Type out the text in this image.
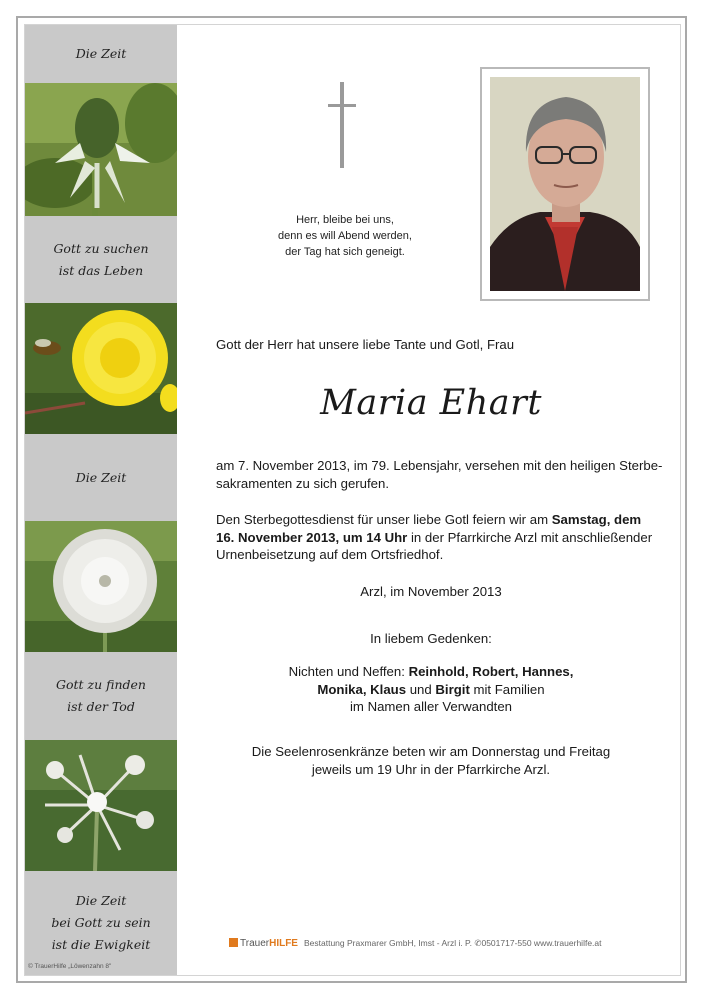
Die Zeit
Gott zu suchen
ist das Leben
Die Zeit
Gott zu finden
ist der Tod
Die Zeit
bei Gott zu sein
ist die Ewigkeit
Herr, bleibe bei uns,
denn es will Abend werden,
der Tag hat sich geneigt.
Gott der Herr hat unsere liebe Tante und Gotl, Frau
Maria Ehart
am 7. November 2013, im 79. Lebensjahr, versehen mit den heiligen Sterbe-
sakramenten zu sich gerufen.
Den Sterbegottesdienst für unser liebe Gotl feiern wir am Samstag, dem
16. November 2013, um 14 Uhr in der Pfarrkirche Arzl mit anschließender
Urnenbeisetzung auf dem Ortsfriedhof.
Arzl, im November 2013
In liebem Gedenken:
Nichten und Neffen: Reinhold, Robert, Hannes,
Monika, Klaus und Birgit mit Familien
im Namen aller Verwandten
Die Seelenrosenkränze beten wir am Donnerstag und Freitag
jeweils um 19 Uhr in der Pfarrkirche Arzl.
TrauerHILFE Bestattung Praxmarer GmbH, Imst - Arzl i. P. ✆0501717-550 www.trauerhilfe.at
© TrauerHilfe „Löwenzahn 8"
